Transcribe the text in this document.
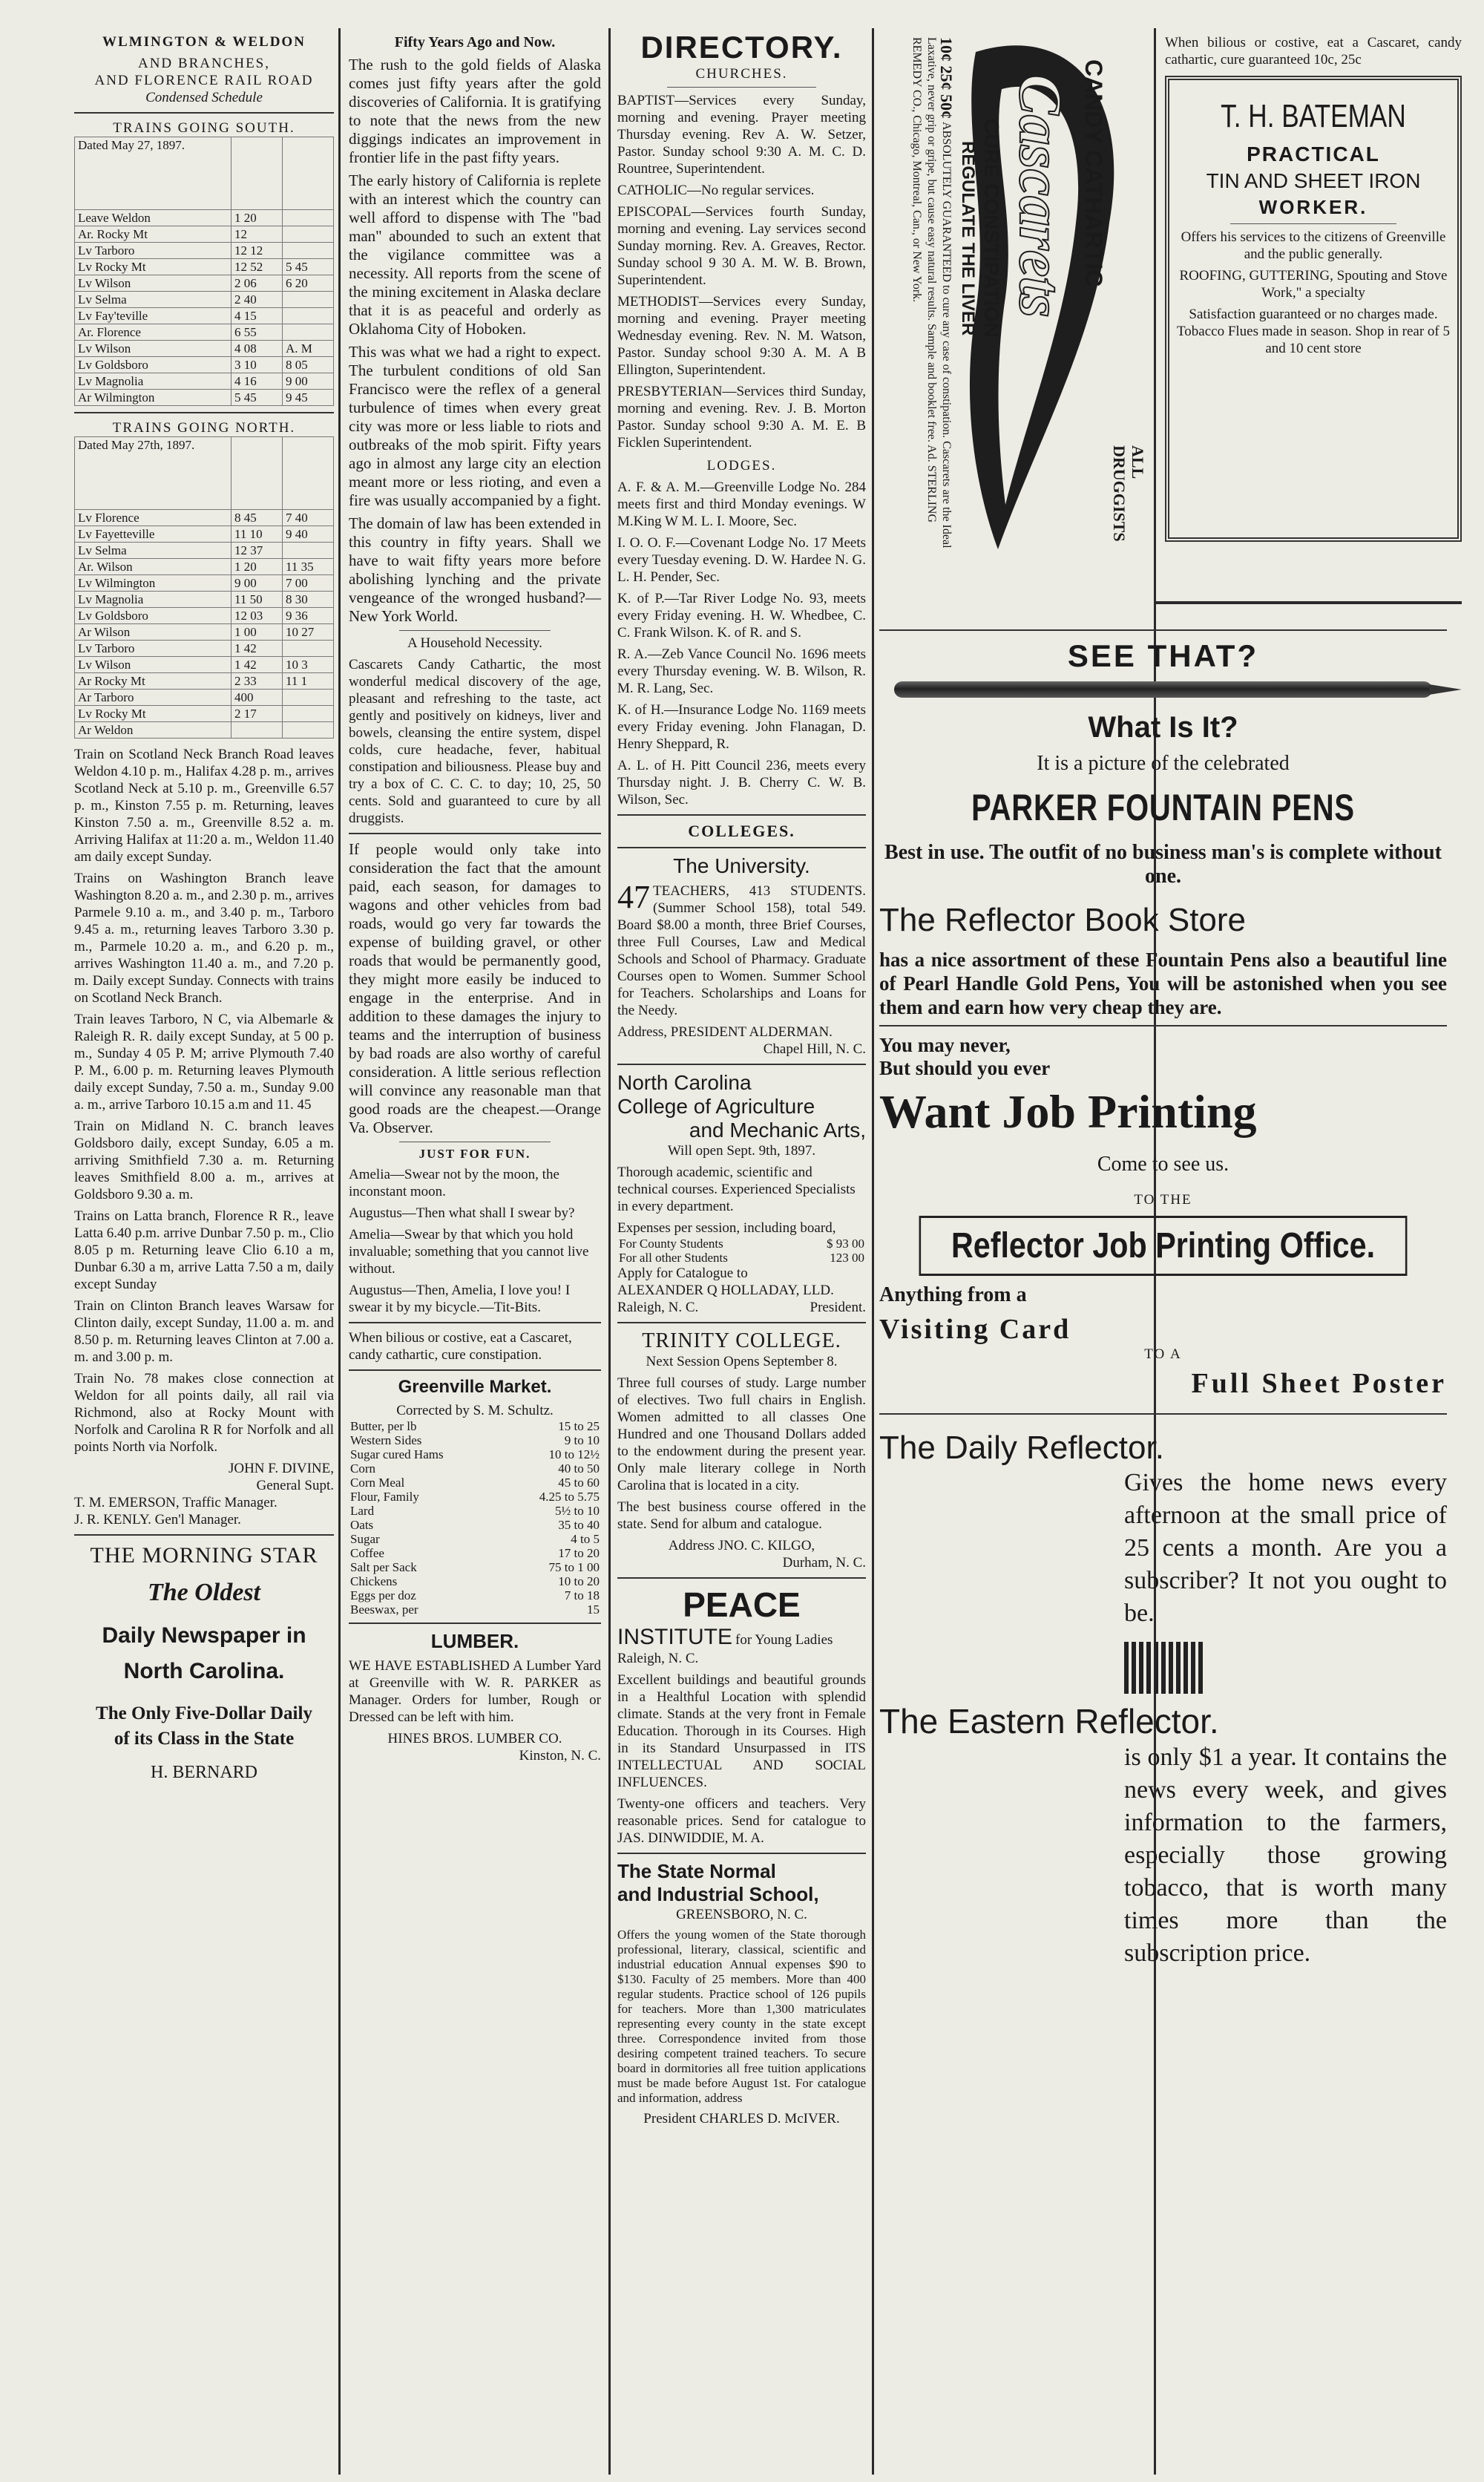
WLMINGTON & WELDON
AND BRANCHES,
AND FLORENCE RAIL ROAD
Condensed Schedule
TRAINS GOING SOUTH.
Dated May 27, 1897.		
Leave Weldon	1 20	
Ar. Rocky Mt	12	
Lv Tarboro	12 12	
Lv Rocky Mt	12 52	5 45
Lv Wilson	2 06	6 20
Lv Selma	2 40	
Lv Fay'teville	4 15	
Ar. Florence	6 55	
Lv Wilson	4 08	A. M
Lv Goldsboro	3 10	8 05
Lv Magnolia	4 16	9 00
Ar Wilmington	5 45	9 45
TRAINS GOING NORTH.
Dated May 27th, 1897.		
Lv Florence	8 45	7 40
Lv Fayetteville	11 10	9 40
Lv Selma	12 37	
Ar. Wilson	1 20	11 35
Lv Wilmington	9 00	7 00
Lv Magnolia	11 50	8 30
Lv Goldsboro	12 03	9 36
Ar Wilson	1 00	10 27
Lv Tarboro	1 42	
Lv Wilson	1 42	10 3
Ar Rocky Mt	2 33	11 1
Ar Tarboro	400	
Lv Rocky Mt	2 17	
Ar Weldon		

Train on Scotland Neck Branch Road leaves Weldon 4.10 p. m., Halifax 4.28 p. m., arrives Scotland Neck at 5.10 p. m., Greenville 6.57 p. m., Kinston 7.55 p. m. Returning, leaves Kinston 7.50 a. m., Greenville 8.52 a. m. Arriving Halifax at 11:20 a. m., Weldon 11.40 am daily except Sunday.

Trains on Washington Branch leave Washington 8.20 a. m., and 2.30 p. m., arrives Parmele 9.10 a. m., and 3.40 p. m., Tarboro 9.45 a. m., returning leaves Tarboro 3.30 p. m., Parmele 10.20 a. m., and 6.20 p. m., arrives Washington 11.40 a. m., and 7.20 p. m. Daily except Sunday. Connects with trains on Scotland Neck Branch.

Train leaves Tarboro, N C, via Albemarle & Raleigh R. R. daily except Sunday, at 5 00 p. m., Sunday 4 05 P. M; arrive Plymouth 7.40 P. M., 6.00 p. m. Returning leaves Plymouth daily except Sunday, 7.50 a. m., Sunday 9.00 a. m., arrive Tarboro 10.15 a.m and 11. 45

Train on Midland N. C. branch leaves Goldsboro daily, except Sunday, 6.05 a m. arriving Smithfield 7.30 a. m. Returning leaves Smithfield 8.00 a. m., arrives at Goldsboro 9.30 a. m.

Trains on Latta branch, Florence R R., leave Latta 6.40 p.m. arrive Dunbar 7.50 p. m., Clio 8.05 p m. Returning leave Clio 6.10 a m, Dunbar 6.30 a m, arrive Latta 7.50 a m, daily except Sunday

Train on Clinton Branch leaves Warsaw for Clinton daily, except Sunday, 11.00 a. m. and 8.50 p. m. Returning leaves Clinton at 7.00 a. m. and 3.00 p. m.

Train No. 78 makes close connection at Weldon for all points daily, all rail via Richmond, also at Rocky Mount with Norfolk and Carolina R R for Norfolk and all points North via Norfolk.

JOHN F. DIVINE,
General Supt.
T. M. EMERSON, Traffic Manager.
J. R. KENLY. Gen'l Manager.
THE MORNING STAR
The Oldest
Daily Newspaper in
North Carolina.
The Only Five-Dollar Daily
of its Class in the State
H. BERNARD
Fifty Years Ago and Now.

The rush to the gold fields of Alaska comes just fifty years after the gold discoveries of California. It is gratifying to note that the news from the new diggings indicates an improvement in frontier life in the past fifty years.

The early history of California is replete with an interest which the country can well afford to dispense with The "bad man" abounded to such an extent that the vigilance committee was a necessity. All reports from the scene of the mining excitement in Alaska declare that it is as peaceful and orderly as Oklahoma City of Hoboken.

This was what we had a right to expect. The turbulent conditions of old San Francisco were the reflex of a general turbulence of times when every great city was more or less liable to riots and outbreaks of the mob spirit. Fifty years ago in almost any large city an election meant more or less rioting, and even a fire was usually accompanied by a fight.

The domain of law has been extended in this country in fifty years. Shall we have to wait fifty years more before abolishing lynching and the private vengeance of the wronged husband?—New York World.

A Household Necessity.

Cascarets Candy Cathartic, the most wonderful medical discovery of the age, pleasant and refreshing to the taste, act gently and positively on kidneys, liver and bowels, cleansing the entire system, dispel colds, cure headache, fever, habitual constipation and biliousness. Please buy and try a box of C. C. C. to day; 10, 25, 50 cents. Sold and guaranteed to cure by all druggists.

If people would only take into consideration the fact that the amount paid, each season, for damages to wagons and other vehicles from bad roads, would go very far towards the expense of building gravel, or other roads that would be permanently good, they might more easily be induced to engage in the enterprise. And in addition to these damages the injury to teams and the interruption of business by bad roads are also worthy of careful consideration. A little serious reflection will convince any reasonable man that good roads are the cheapest.—Orange Va. Observer.

JUST FOR FUN.

Amelia—Swear not by the moon, the inconstant moon.

Augustus—Then what shall I swear by?

Amelia—Swear by that which you hold invaluable; something that you cannot live without.

Augustus—Then, Amelia, I love you! I swear it by my bicycle.—Tit-Bits.

When bilious or costive, eat a Cascaret, candy cathartic, cure constipation.

Greenville Market.
Corrected by S. M. Schultz.
Butter, per lb	15 to 25
Western Sides	9 to 10
Sugar cured Hams	10 to 12½
Corn	40 to 50
Corn Meal	45 to 60
Flour, Family	4.25 to 5.75
Lard	5½ to 10
Oats	35 to 40
Sugar	4 to 5
Coffee	17 to 20
Salt per Sack	75 to 1 00
Chickens	10 to 20
Eggs per doz	7 to 18
Beeswax, per	15
LUMBER.

WE HAVE ESTABLISHED A Lumber Yard at Greenville with W. R. PARKER as Manager. Orders for lumber, Rough or Dressed can be left with him.

HINES BROS. LUMBER CO.
Kinston, N. C.
DIRECTORY.
CHURCHES.

BAPTIST—Services every Sunday, morning and evening. Prayer meeting Thursday evening. Rev A. W. Setzer, Pastor. Sunday school 9:30 A. M. C. D. Rountree, Superintendent.

CATHOLIC—No regular services.

EPISCOPAL—Services fourth Sunday, morning and evening. Lay services second Sunday morning. Rev. A. Greaves, Rector. Sunday school 9 30 A. M. W. B. Brown, Superintendent.

METHODIST—Services every Sunday, morning and evening. Prayer meeting Wednesday evening. Rev. N. M. Watson, Pastor. Sunday school 9:30 A. M. A B Ellington, Superintendent.

PRESBYTERIAN—Services third Sunday, morning and evening. Rev. J. B. Morton Pastor. Sunday school 9:30 A. M. E. B Ficklen Superintendent.

LODGES.

A. F. & A. M.—Greenville Lodge No. 284 meets first and third Monday evenings. W M.King W M. L. I. Moore, Sec.

I. O. O. F.—Covenant Lodge No. 17 Meets every Tuesday evening. D. W. Hardee N. G. L. H. Pender, Sec.

K. of P.—Tar River Lodge No. 93, meets every Friday evening. H. W. Whedbee, C. C. Frank Wilson. K. of R. and S.

R. A.—Zeb Vance Council No. 1696 meets every Thursday evening. W. B. Wilson, R. M. R. Lang, Sec.

K. of H.—Insurance Lodge No. 1169 meets every Friday evening. John Flanagan, D. Henry Sheppard, R.

A. L. of H. Pitt Council 236, meets every Thursday night. J. B. Cherry C. W. B. Wilson, Sec.

COLLEGES.
The University.

47 TEACHERS, 413 STUDENTS. (Summer School 158), total 549. Board $8.00 a month, three Brief Courses, three Full Courses, Law and Medical Schools and School of Pharmacy. Graduate Courses open to Women. Summer School for Teachers. Scholarships and Loans for the Needy.

Address, PRESIDENT ALDERMAN.
Chapel Hill, N. C.
North Carolina
College of Agriculture
and Mechanic Arts,
Will open Sept. 9th, 1897.

Thorough academic, scientific and technical courses. Experienced Specialists in every department.

Expenses per session, including board,
For County Students	$ 93 00
For all other Students	123 00
Apply for Catalogue to
ALEXANDER Q HOLLADAY, LLD.
Raleigh, N. C.	President.
TRINITY COLLEGE.
Next Session Opens September 8.

Three full courses of study. Large number of electives. Two full chairs in English. Women admitted to all classes One Hundred and one Thousand Dollars added to the endowment during the present year. Only male literary college in North Carolina that is located in a city.

The best business course offered in the state. Send for album and catalogue.

Address JNO. C. KILGO,
Durham, N. C.
PEACE
INSTITUTE for Young Ladies Raleigh, N. C.

Excellent buildings and beautiful grounds in a Healthful Location with splendid climate. Stands at the very front in Female Education. Thorough in its Courses. High in its Standard Unsurpassed in ITS INTELLECTUAL AND SOCIAL INFLUENCES.

Twenty-one officers and teachers. Very reasonable prices. Send for catalogue to JAS. DINWIDDIE, M. A.

The State Normal
and Industrial School,
GREENSBORO, N. C.

Offers the young women of the State thorough professional, literary, classical, scientific and industrial education Annual expenses $90 to $130. Faculty of 25 members. More than 400 regular students. Practice school of 126 pupils for teachers. More than 1,300 matriculates representing every county in the state except three. Correspondence invited from those desiring competent trained teachers. To secure board in dormitories all free tuition applications must be made before August 1st. For catalogue and information, address

President CHARLES D. McIVER.
10¢ 25¢ 50¢ ABSOLUTELY GUARANTEED to cure any case of constipation. Cascarets are the Ideal Laxative, never grip or gripe, but cause easy natural results. Sample and booklet free. Ad. STERLING REMEDY CO., Chicago, Montreal, Can., or New York.	CANDY CATHARTIC
Cascarets
CURE CONSTIPATION
REGULATE THE LIVER
ALL
DRUGGISTS
SEE THAT?
What Is It?
It is a picture of the celebrated
PARKER FOUNTAIN PENS
Best in use. The outfit of no business man's is complete without one.
The Reflector Book Store
has a nice assortment of these Fountain Pens also a beautiful line of Pearl Handle Gold Pens, You will be astonished when you see them and earn how very cheap they are.
You may never,
But should you ever
Want Job Printing
Come to see us.
TO THE
Reflector Job Printing Office.
Anything from a
Visiting Card
TO A
Full Sheet Poster
The Daily Reflector.
Gives the home news every afternoon at the small price of 25 cents a month. Are you a subscriber? It not you ought to be.
The Eastern Reflector.
is only $1 a year. It contains the news every week, and gives information to the farmers, especially those growing tobacco, that is worth many times more than the subscription price.

When bilious or costive, eat a Cascaret, candy cathartic, cure guaranteed 10c, 25c

T. H. BATEMAN
PRACTICAL
TIN AND SHEET IRON
WORKER.

Offers his services to the citizens of Greenville and the public generally.

ROOFING, GUTTERING, Spouting and Stove Work," a specialty

Satisfaction guaranteed or no charges made. Tobacco Flues made in season. Shop in rear of 5 and 10 cent store
